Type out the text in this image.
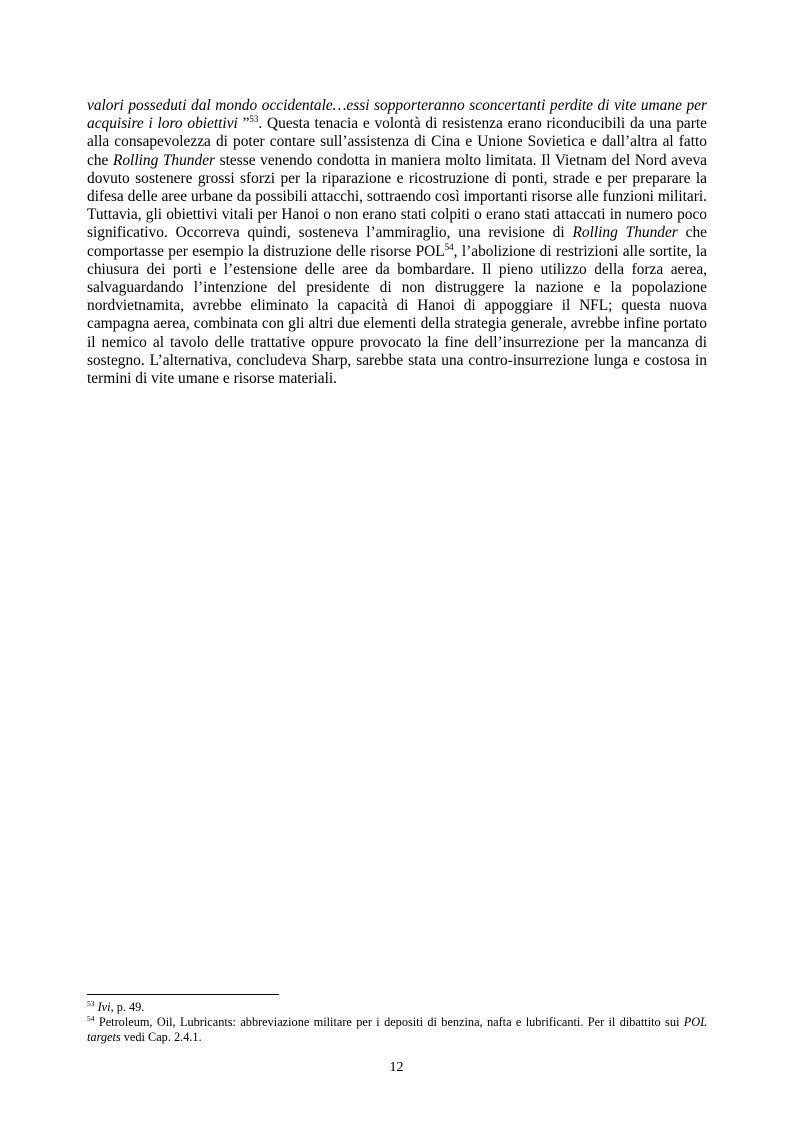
valori posseduti dal mondo occidentale…essi sopporteranno sconcertanti perdite di vite umane per acquisire i loro obiettivi ”$^{53}$. Questa tenacia e volontà di resistenza erano riconducibili da una parte alla consapevolezza di poter contare sull’assistenza di Cina e Unione Sovietica e dall’altra al fatto che Rolling Thunder stesse venendo condotta in maniera molto limitata. Il Vietnam del Nord aveva dovuto sostenere grossi sforzi per la riparazione e ricostruzione di ponti, strade e per preparare la difesa delle aree urbane da possibili attacchi, sottraendo così importanti risorse alle funzioni militari. Tuttavia, gli obiettivi vitali per Hanoi o non erano stati colpiti o erano stati attaccati in numero poco significativo. Occorreva quindi, sosteneva l’ammiraglio, una revisione di Rolling Thunder che comportasse per esempio la distruzione delle risorse POL$^{54}$, l’abolizione di restrizioni alle sortite, la chiusura dei porti e l’estensione delle aree da bombardare. Il pieno utilizzo della forza aerea, salvaguardando l’intenzione del presidente di non distruggere la nazione e la popolazione nordvietnamita, avrebbe eliminato la capacità di Hanoi di appoggiare il NFL; questa nuova campagna aerea, combinata con gli altri due elementi della strategia generale, avrebbe infine portato il nemico al tavolo delle trattative oppure provocato la fine dell’insurrezione per la mancanza di sostegno. L’alternativa, concludeva Sharp, sarebbe stata una contro-insurrezione lunga e costosa in termini di vite umane e risorse materiali.

$^{53}$ Ivi, p. 49.

$^{54}$ Petroleum, Oil, Lubricants: abbreviazione militare per i depositi di benzina, nafta e lubrificanti. Per il dibattito sui POL targets vedi Cap. 2.4.1.

12
